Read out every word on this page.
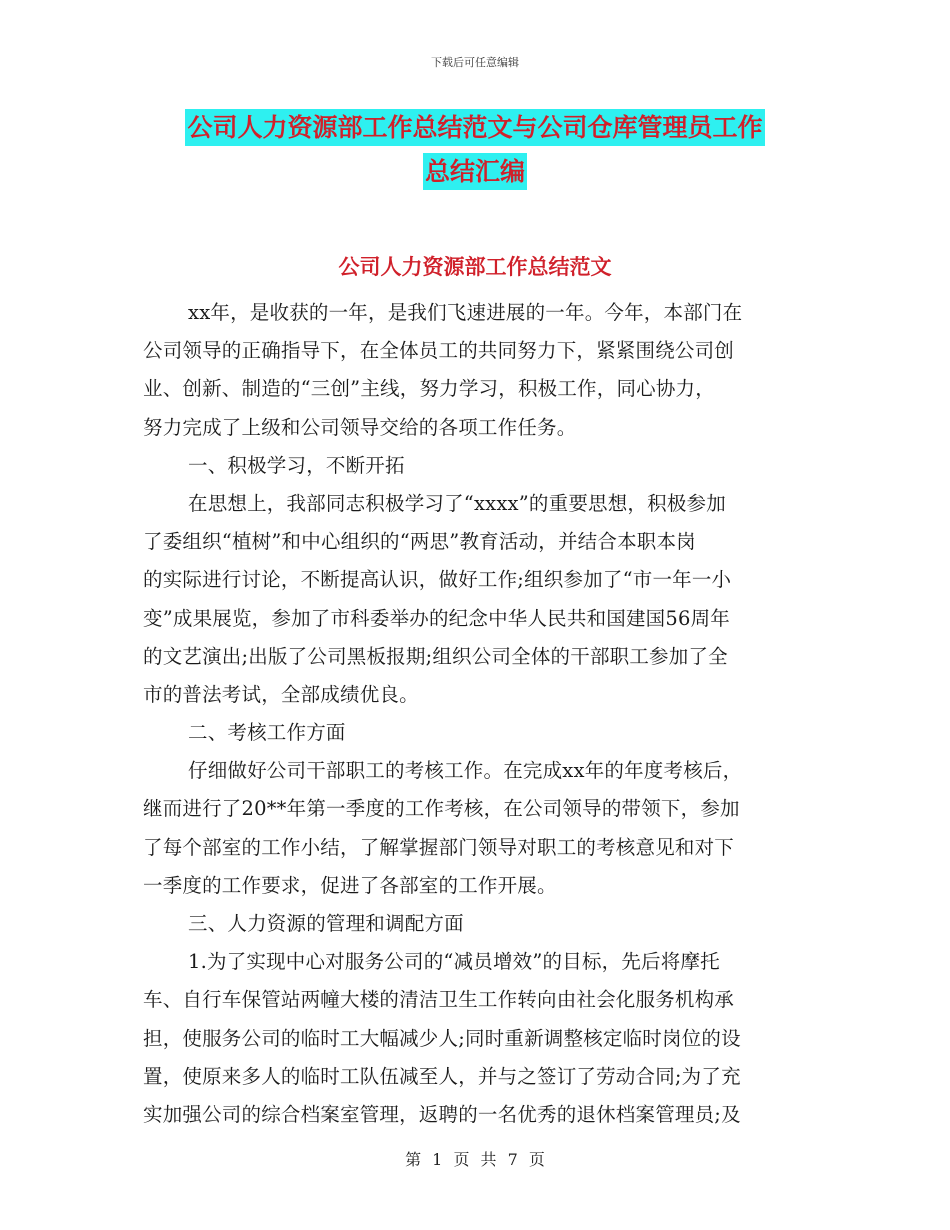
下载后可任意编辑
公司人力资源部工作总结范文与公司仓库管理员工作
总结汇编
公司人力资源部工作总结范文
xx年，是收获的一年，是我们飞速进展的一年。今年，本部门在
公司领导的正确指导下，在全体员工的共同努力下，紧紧围绕公司创
业、创新、制造的“三创”主线，努力学习，积极工作，同心协力，
努力完成了上级和公司领导交给的各项工作任务。
一、积极学习，不断开拓
在思想上，我部同志积极学习了“xxxx”的重要思想，积极参加
了委组织“植树”和中心组织的“两思”教育活动，并结合本职本岗
的实际进行讨论，不断提高认识，做好工作;组织参加了“市一年一小
变”成果展览，参加了市科委举办的纪念中华人民共和国建国56周年
的文艺演出;出版了公司黑板报期;组织公司全体的干部职工参加了全
市的普法考试，全部成绩优良。
二、考核工作方面
仔细做好公司干部职工的考核工作。在完成xx年的年度考核后，
继而进行了20**年第一季度的工作考核，在公司领导的带领下，参加
了每个部室的工作小结，了解掌握部门领导对职工的考核意见和对下
一季度的工作要求，促进了各部室的工作开展。
三、人力资源的管理和调配方面
1.为了实现中心对服务公司的“减员增效”的目标，先后将摩托
车、自行车保管站两幢大楼的清洁卫生工作转向由社会化服务机构承
担，使服务公司的临时工大幅减少人;同时重新调整核定临时岗位的设
置，使原来多人的临时工队伍减至人，并与之签订了劳动合同;为了充
实加强公司的综合档案室管理，返聘的一名优秀的退休档案管理员;及
第 1 页 共 7 页
